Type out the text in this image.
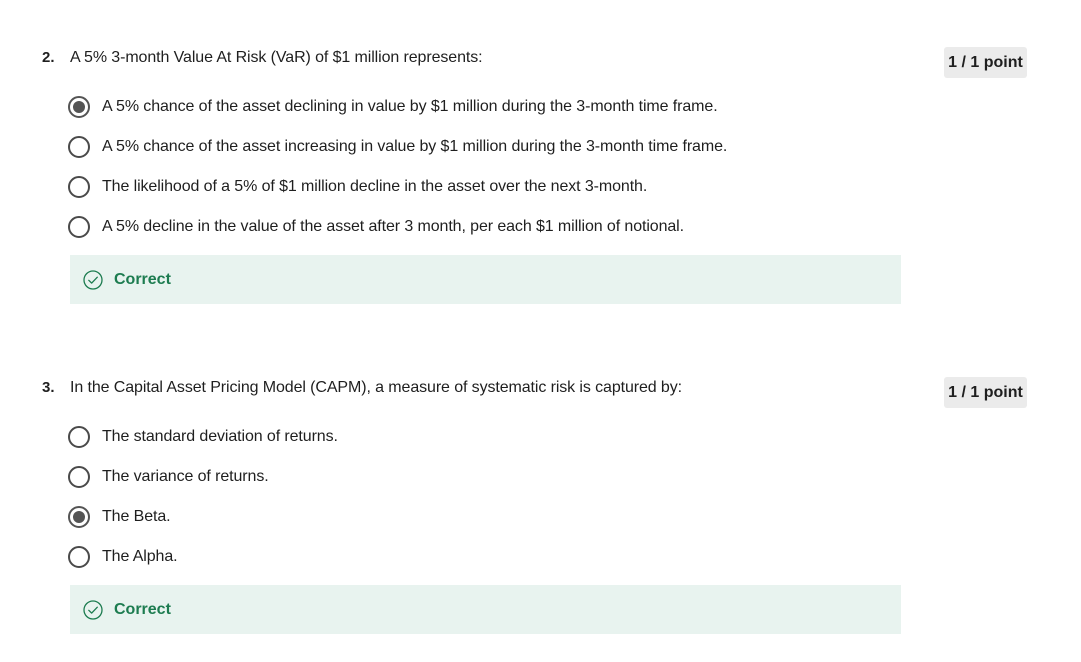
2. A 5% 3-month Value At Risk (VaR) of $1 million represents:	1 / 1 point
A 5% chance of the asset declining in value by $1 million during the 3-month time frame.
A 5% chance of the asset increasing in value by $1 million during the 3-month time frame.
The likelihood of a 5% of $1 million decline in the asset over the next 3-month.
A 5% decline in the value of the asset after 3 month, per each $1 million of notional.
Correct
3. In the Capital Asset Pricing Model (CAPM), a measure of systematic risk is captured by:	1 / 1 point
The standard deviation of returns.
The variance of returns.
The Beta.
The Alpha.
Correct
